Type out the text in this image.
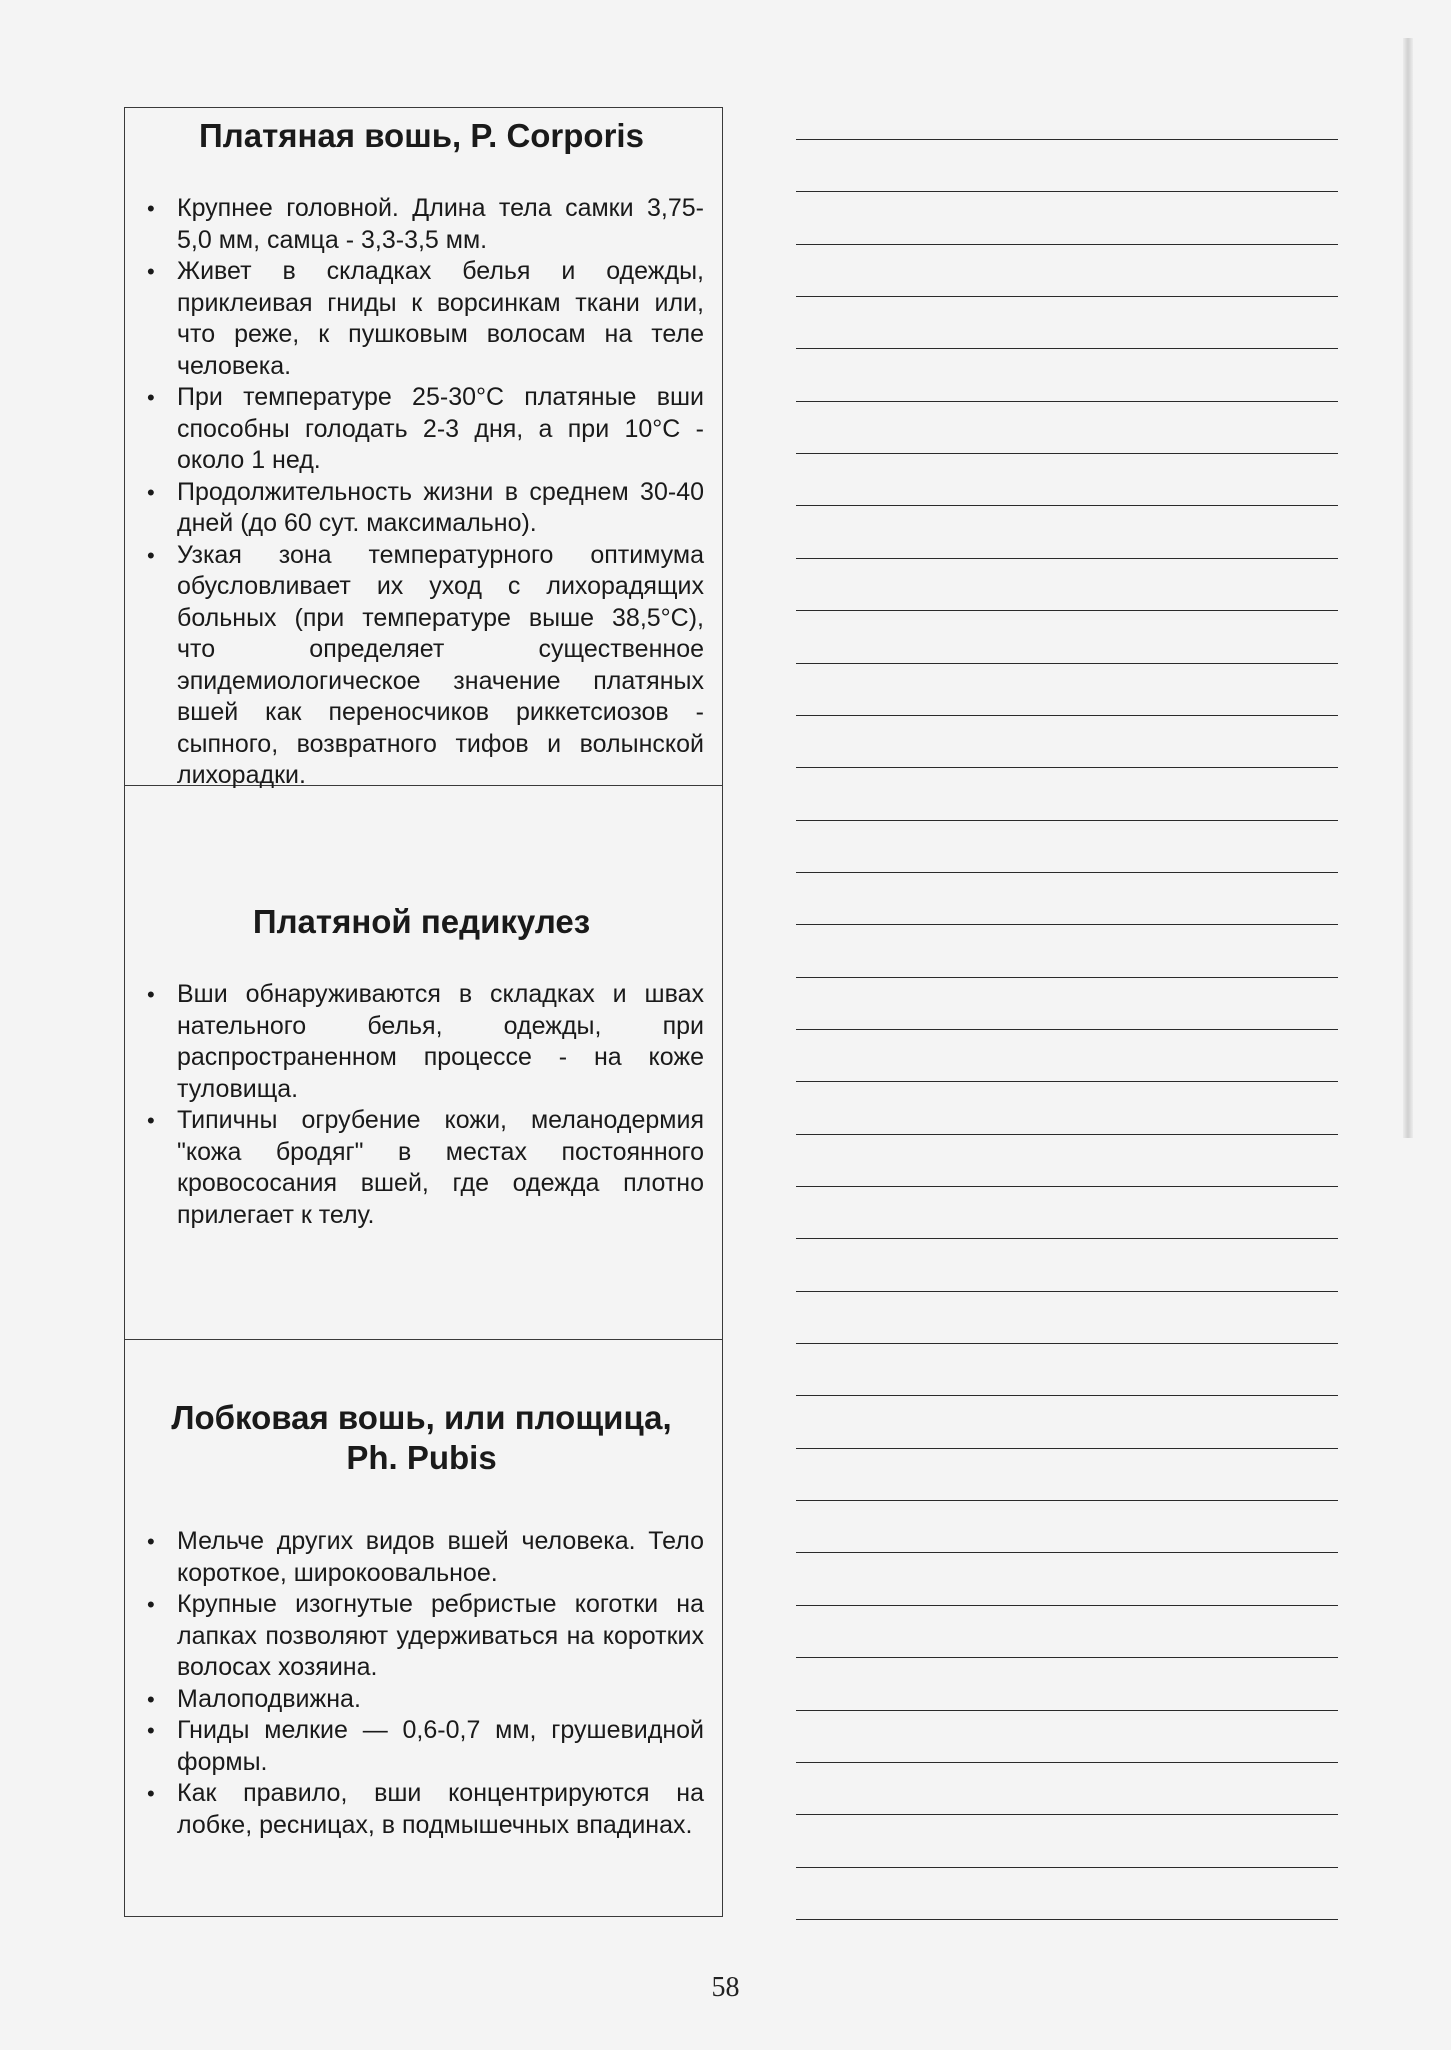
Платяная вошь, P. Corporis
• Крупнее головной. Длина тела самки 3,75-5,0 мм, самца - 3,3-3,5 мм.
• Живет в складках белья и одежды, приклеивая гниды к ворсинкам ткани или, что реже, к пушковым волосам на теле человека.
• При температуре 25-30°C платяные вши способны голодать 2-3 дня, а при 10°C - около 1 нед.
• Продолжительность жизни в среднем 30-40 дней (до 60 сут. максимально).
• Узкая зона температурного оптимума обусловливает их уход с лихорадящих больных (при температуре выше 38,5°C), что определяет существенное эпидемиологическое значение платяных вшей как переносчиков риккетсиозов - сыпного, возвратного тифов и волынской лихорадки.
Платяной педикулез
• Вши обнаруживаются в складках и швах нательного белья, одежды, при распространенном процессе - на коже туловища.
• Типичны огрубение кожи, меланодермия "кожа бродяг" в местах постоянного кровососания вшей, где одежда плотно прилегает к телу.
Лобковая вошь, или площица,
Ph. Pubis
• Мельче других видов вшей человека. Тело короткое, широкоовальное.
• Крупные изогнутые ребристые коготки на лапках позволяют удерживаться на коротких волосах хозяина.
• Малоподвижна.
• Гниды мелкие — 0,6-0,7 мм, грушевидной формы.
• Как правило, вши концентрируются на лобке, ресницах, в подмышечных впадинах.
58
